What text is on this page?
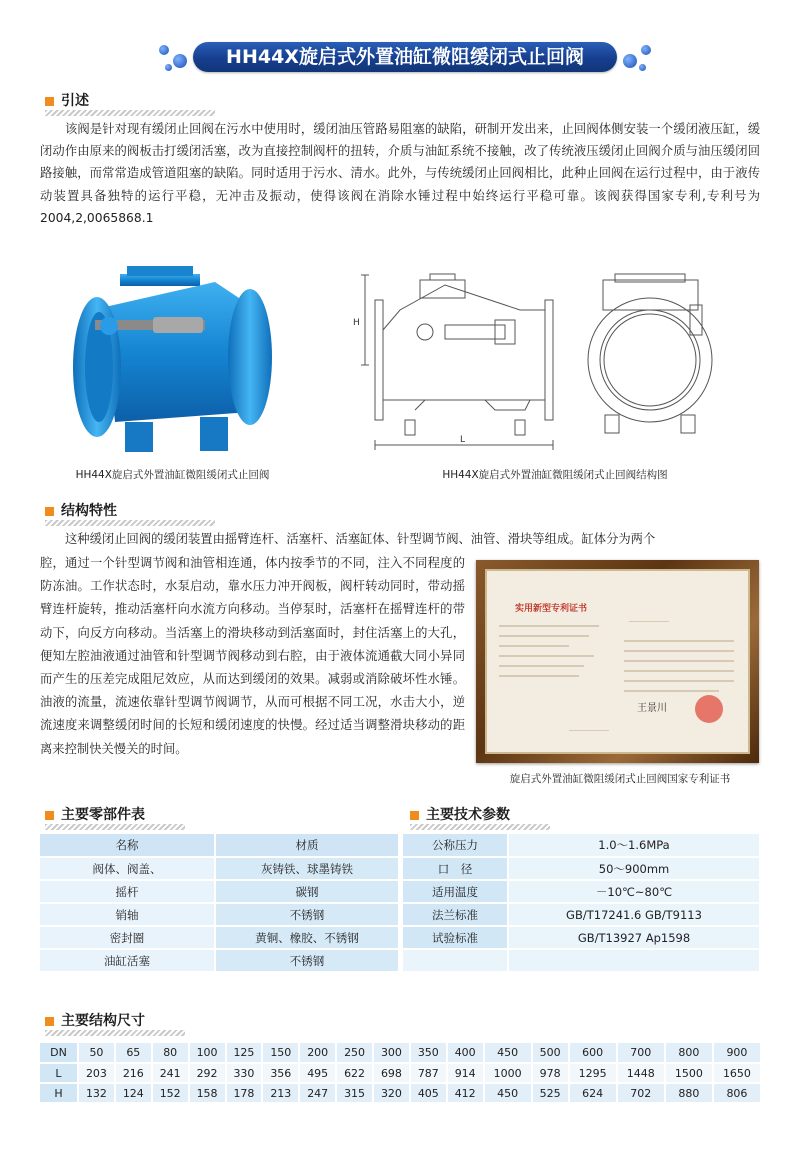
HH44X旋启式外置油缸微阻缓闭式止回阀
引述
该阀是针对现有缓闭止回阀在污水中使用时，缓闭油压管路易阻塞的缺陷，研制开发出来，止回阀体侧安装一个缓闭液压缸，缓闭动作由原来的阀板击打缓闭活塞，改为直接控制阀杆的扭转，介质与油缸系统不接触，改了传统液压缓闭止回阀介质与油压缓闭回路接触，而常常造成管道阻塞的缺陷。同时适用于污水、清水。此外，与传统缓闭止回阀相比，此种止回阀在运行过程中，由于液传动装置具备独特的运行平稳，无冲击及振动，使得该阀在消除水锤过程中始终运行平稳可靠。该阀获得国家专利,专利号为2004,2,0065868.1
HH44X旋启式外置油缸微阻缓闭式止回阀
H
L
HH44X旋启式外置油缸微阻缓闭式止回阀结构图
结构特性
这种缓闭止回阀的缓闭装置由摇臂连杆、活塞杆、活塞缸体、针型调节阀、油管、滑块等组成。缸体分为两个
腔，通过一个针型调节阀和油管相连通，体内按季节的不同，注入不同程度的防冻油。工作状态时，水泵启动，靠水压力冲开阀板，阀杆转动同时，带动摇臂连杆旋转，推动活塞杆向水流方向移动。当停泵时，活塞杆在摇臂连杆的带动下，向反方向移动。当活塞上的滑块移动到活塞面时，封住活塞上的大孔，便知左腔油液通过油管和针型调节阀移动到右腔，由于液体流通截大同小异同而产生的压差完成阻尼效应，从而达到缓闭的效果。减弱或消除破坏性水锤。油液的流量，流速依靠针型调节阀调节，从而可根据不同工况，水击大小，逆流速度来调整缓闭时间的长短和缓闭速度的快慢。经过适当调整滑块移动的距离来控制快关慢关的时间。
实用新型专利证书
王景川
旋启式外置油缸微阻缓闭式止回阀国家专利证书
主要零部件表	主要技术参数
名称	材质
阀体、阀盖、	灰铸铁、球墨铸铁
摇杆	碳钢
销轴	不锈钢
密封圈	黄铜、橡胶、不锈钢
油缸活塞	不锈钢
公称压力	1.0～1.6MPa
口　径	50～900mm
适用温度	－10℃~80℃
法兰标准	GB/T17241.6 GB/T9113
试验标准	GB/T13927 Ap1598

主要结构尺寸
DN	50	65	80	100	125	150	200	250	300	350	400	450	500	600	700	800	900
L	203	216	241	292	330	356	495	622	698	787	914	1000	978	1295	1448	1500	1650
H	132	124	152	158	178	213	247	315	320	405	412	450	525	624	702	880	806
